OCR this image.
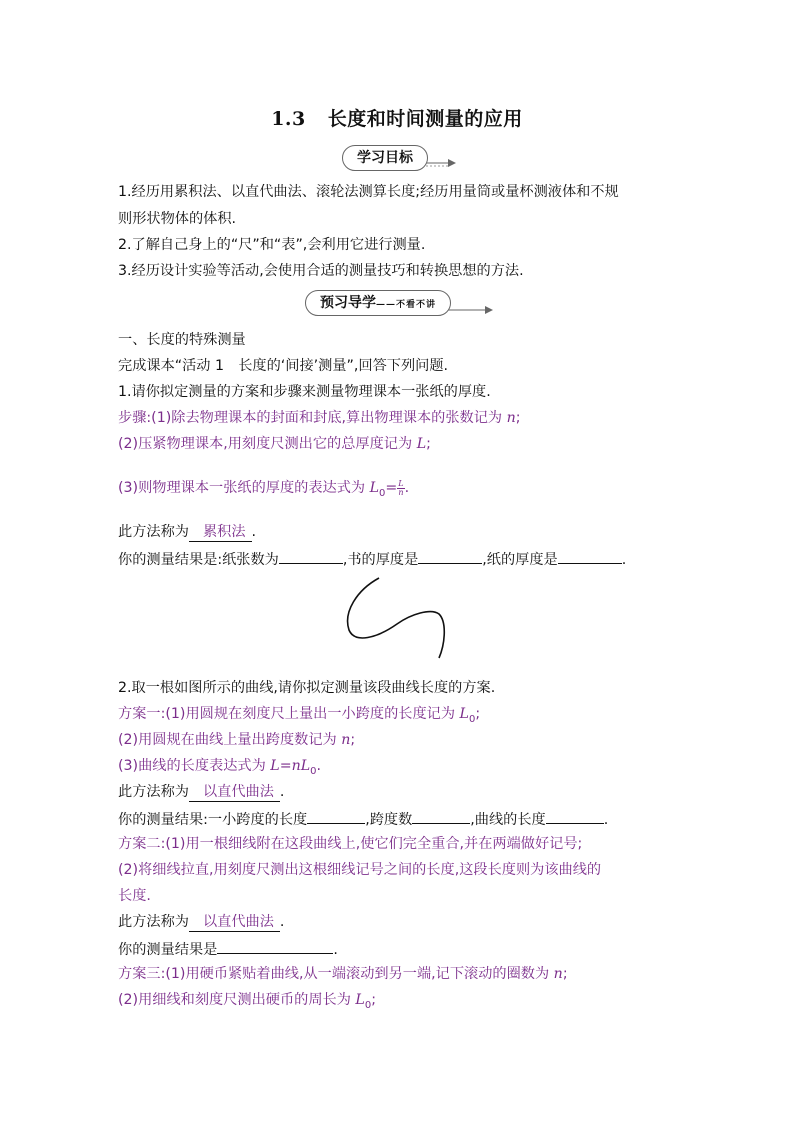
1.3 长度和时间测量的应用
学习目标
1.经历用累积法、以直代曲法、滚轮法测算长度;经历用量筒或量杯测液体和不规
则形状物体的体积.
2.了解自己身上的“尺”和“表”,会利用它进行测量.
3.经历设计实验等活动,会使用合适的测量技巧和转换思想的方法.
预习导学——不看不讲
一、长度的特殊测量
完成课本“活动 1　长度的‘间接’测量”,回答下列问题.
1.请你拟定测量的方案和步骤来测量物理课本一张纸的厚度.
步骤:(1)除去物理课本的封面和封底,算出物理课本的张数记为 n;
(2)压紧物理课本,用刻度尺测出它的总厚度记为 L;
(3)则物理课本一张纸的厚度的表达式为 $L_0= \frac{L}{n}$ .
此方法称为 累积法 .
你的测量结果是:纸张数为	,书的厚度是	,纸的厚度是	.
2.取一根如图所示的曲线,请你拟定测量该段曲线长度的方案.
方案一:(1)用圆规在刻度尺上量出一小跨度的长度记为 $L_0$;
(2)用圆规在曲线上量出跨度数记为 n;
(3)曲线的长度表达式为 $L=nL_0$.
此方法称为 以直代曲法 .
你的测量结果:一小跨度的长度	,跨度数	,曲线的长度	.
方案二:(1)用一根细线附在这段曲线上,使它们完全重合,并在两端做好记号;
(2)将细线拉直,用刻度尺测出这根细线记号之间的长度,这段长度则为该曲线的
长度.
此方法称为 以直代曲法 .
你的测量结果是	.
方案三:(1)用硬币紧贴着曲线,从一端滚动到另一端,记下滚动的圈数为 n;
(2)用细线和刻度尺测出硬币的周长为 $L_0$;
